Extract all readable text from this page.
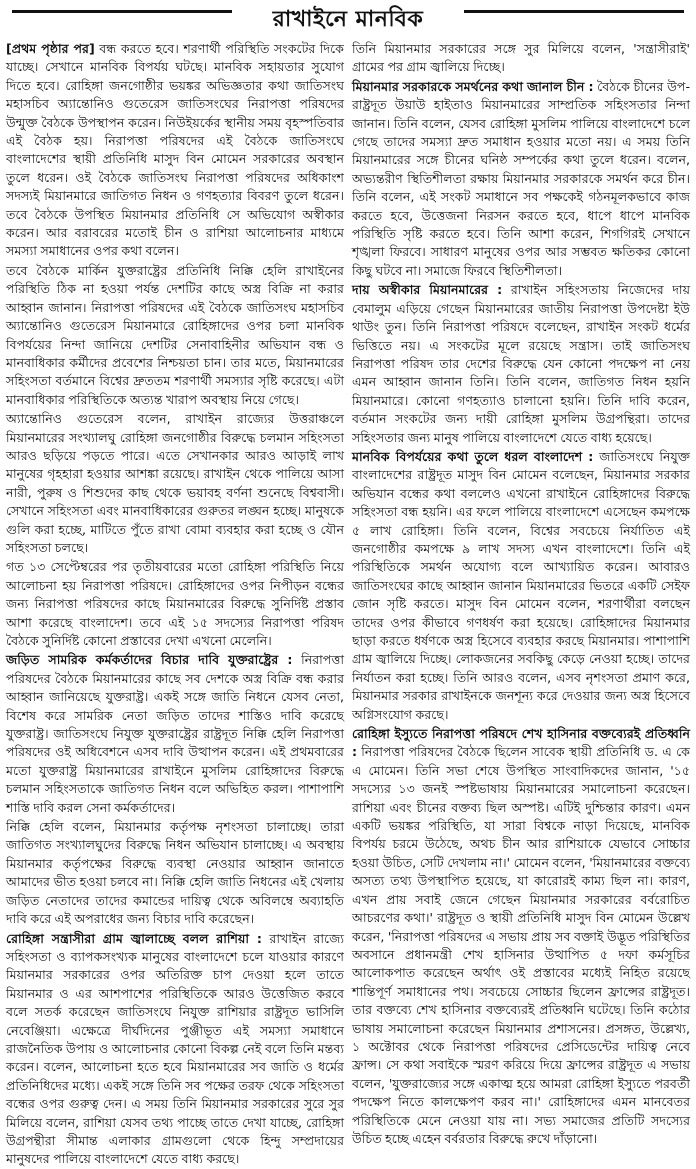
রাখাইনে মানবিক

[প্রথম পৃষ্ঠার পর] বন্ধ করতে হবে। শরণার্থী পরিস্থিতি সংকটের দিকে যাচ্ছে। সেখানে মানবিক বিপর্যয় ঘটছে। মানবিক সহায়তার সুযোগ দিতে হবে। রোহিঙ্গা জনগোষ্ঠীর ভয়ঙ্কর অভিজ্ঞতার কথা জাতিসংঘ মহাসচিব অ্যান্তোনিও গুতেরেস জাতিসংঘের নিরাপত্তা পরিষদের উন্মুক্ত বৈঠকে উপস্থাপন করেন। নিউইয়র্কের স্থানীয় সময় বৃহস্পতিবার এই বৈঠক হয়। নিরাপত্তা পরিষদের এই বৈঠকে জাতিসংঘে বাংলাদেশের স্থায়ী প্রতিনিধি মাসুদ বিন মোমেন সরকারের অবস্থান তুলে ধরেন। ওই বৈঠকে জাতিসংঘ নিরাপত্তা পরিষদের অধিকাংশ সদস্যই মিয়ানমারে জাতিগত নিধন ও গণহত্যার বিবরণ তুলে ধরেন। তবে বৈঠকে উপস্থিত মিয়ানমার প্রতিনিধি সে অভিযোগ অস্বীকার করেন। আর বরাবরের মতোই চীন ও রাশিয়া আলোচনার মাধ্যমে সমস্যা সমাধানের ওপর কথা বলেন।

তবে বৈঠকে মার্কিন যুক্তরাষ্ট্রের প্রতিনিধি নিক্কি হেলি রাখাইনের পরিস্থিতি ঠিক না হওয়া পর্যন্ত দেশটির কাছে অস্ত্র বিক্রি না করার আহ্বান জানান। নিরাপত্তা পরিষদের এই বৈঠকে জাতিসংঘ মহাসচিব অ্যান্তোনিও গুতেরেস মিয়ানমারে রোহিঙ্গাদের ওপর চলা মানবিক বিপর্যয়ের নিন্দা জানিয়ে দেশটির সেনাবাহিনীর অভিযান বন্ধ ও মানবাধিকার কর্মীদের প্রবেশের নিশ্চয়তা চান। তার মতে, মিয়ানমারের সহিংসতা বর্তমানে বিশ্বের দ্রুততম শরণার্থী সমস্যার সৃষ্টি করেছে। এটা মানবাধিকার পরিস্থিতিকে অত্যন্ত খারাপ অবস্থায় নিয়ে গেছে।

অ্যান্তোনিও গুতেরেস বলেন, রাখাইন রাজ্যের উত্তরাঞ্চলে মিয়ানমারের সংখ্যালঘু রোহিঙ্গা জনগোষ্ঠীর বিরুদ্ধে চলমান সহিংসতা আরও ছড়িয়ে পড়তে পারে। এতে সেখানকার আরও আড়াই লাখ মানুষের গৃহহারা হওয়ার আশঙ্কা রয়েছে। রাখাইন থেকে পালিয়ে আসা নারী, পুরুষ ও শিশুদের কাছ থেকে ভয়াবহ বর্ণনা শুনেছে বিশ্ববাসী। সেখানে সহিংসতা এবং মানবাধিকারের গুরুতর লঙ্ঘন হচ্ছে। মানুষকে গুলি করা হচ্ছে, মাটিতে পুঁতে রাখা বোমা ব্যবহার করা হচ্ছে ও যৌন সহিংসতা চলছে।

গত ১৩ সেপ্টেম্বরের পর তৃতীয়বারের মতো রোহিঙ্গা পরিস্থিতি নিয়ে আলোচনা হয় নিরাপত্তা পরিষদে। রোহিঙ্গাদের ওপর নিপীড়ন বন্ধের জন্য নিরাপত্তা পরিষদের কাছে মিয়ানমারের বিরুদ্ধে সুনির্দিষ্ট প্রস্তাব আশা করেছে বাংলাদেশ। তবে এই ১৫ সদস্যের নিরাপত্তা পরিষদ বৈঠকে সুনির্দিষ্ট কোনো প্রস্তাবের দেখা এখনো মেলেনি।

জড়িত সামরিক কর্মকর্তাদের বিচার দাবি যুক্তরাষ্ট্রের : নিরাপত্তা পরিষদের বৈঠকে মিয়ানমারের কাছে সব দেশকে অস্ত্র বিক্রি বন্ধ করার আহ্বান জানিয়েছে যুক্তরাষ্ট্র। একই সঙ্গে জাতি নিধনে যেসব নেতা, বিশেষ করে সামরিক নেতা জড়িত তাদের শাস্তিও দাবি করেছে যুক্তরাষ্ট্র। জাতিসংঘে নিযুক্ত যুক্তরাষ্ট্রের রাষ্ট্রদূত নিক্কি হেলি নিরাপত্তা পরিষদের ওই অধিবেশনে এসব দাবি উত্থাপন করেন। এই প্রথমবারের মতো যুক্তরাষ্ট্র মিয়ানমারের রাখাইনে মুসলিম রোহিঙ্গাদের বিরুদ্ধে চলমান সহিংসতাকে জাতিগত নিধন বলে অভিহিত করল। পাশাপাশি শাস্তি দাবি করল সেনা কর্মকর্তাদের।

নিক্কি হেলি বলেন, মিয়ানমার কর্তৃপক্ষ নৃশংসতা চালাচ্ছে। তারা জাতিগত সংখ্যালঘুদের বিরুদ্ধে নিধন অভিযান চালাচ্ছে। এ অবস্থায় মিয়ানমার কর্তৃপক্ষের বিরুদ্ধে ব্যবস্থা নেওয়ার আহ্বান জানাতে আমাদের ভীত হওয়া চলবে না। নিক্কি হেলি জাতি নিধনের এই খেলায় জড়িত নেতাদের তাদের কমান্ডের দায়িত্ব থেকে অবিলম্বে অব্যাহতি দাবি করে এই অপরাধের জন্য বিচার দাবি করেছেন।

রোহিঙ্গা সন্ত্রাসীরা গ্রাম জ্বালাচ্ছে বলল রাশিয়া : রাখাইন রাজ্যে সহিংসতা ও ব্যাপকসংখ্যক মানুষের বাংলাদেশে চলে যাওয়ার কারণে মিয়ানমার সরকারের ওপর অতিরিক্ত চাপ দেওয়া হলে তাতে মিয়ানমার ও এর আশপাশের পরিস্থিতিকে আরও উত্তেজিত করবে বলে সতর্ক করেছেন জাতিসংঘে নিযুক্ত রাশিয়ার রাষ্ট্রদূত ভাসিলি নেবেঞ্জিয়া। এক্ষেত্রে দীর্ঘদিনের পুঞ্জীভূত এই সমস্যা সমাধানে রাজনৈতিক উপায় ও আলোচনার কোনো বিকল্প নেই বলে তিনি মন্তব্য করেন। বলেন, আলোচনা হতে হবে মিয়ানমারের সব জাতি ও ধর্মের প্রতিনিধিদের মধ্যে। একই সঙ্গে তিনি সব পক্ষের তরফ থেকে সহিংসতা বন্ধের ওপর গুরুত্ব দেন। এ সময় তিনি মিয়ানমার সরকারের সুরে সুর মিলিয়ে বলেন, রাশিয়া যেসব তথ্য পাচ্ছে তাতে দেখা যাচ্ছে, রোহিঙ্গা উগ্রপন্থীরা সীমান্ত এলাকার গ্রামগুলো থেকে হিন্দু সম্প্রদায়ের মানুষদের পালিয়ে বাংলাদেশে যেতে বাধ্য করছে।

তিনি মিয়ানমার সরকারের সঙ্গে সুর মিলিয়ে বলেন, 'সন্ত্রাসীরাই' গ্রামের পর গ্রাম জ্বালিয়ে দিচ্ছে।

মিয়ানমার সরকারকে সমর্থনের কথা জানাল চীন : বৈঠকে চীনের উপ-রাষ্ট্রদূত উয়াউ হাইতাও মিয়ানমারের সাম্প্রতিক সহিংসতার নিন্দা জানান। তিনি বলেন, যেসব রোহিঙ্গা মুসলিম পালিয়ে বাংলাদেশে চলে গেছে তাদের সমস্যা দ্রুত সমাধান হওয়ার মতো নয়। এ সময় তিনি মিয়ানমারের সঙ্গে চীনের ঘনিষ্ঠ সম্পর্কের কথা তুলে ধরেন। বলেন, অভ্যন্তরীণ স্থিতিশীলতা রক্ষায় মিয়ানমার সরকারকে সমর্থন করে চীন। তিনি বলেন, এই সংকট সমাধানে সব পক্ষকেই গঠনমূলকভাবে কাজ করতে হবে, উত্তেজনা নিরসন করতে হবে, ধাপে ধাপে মানবিক পরিস্থিতি সৃষ্টি করতে হবে। তিনি আশা করেন, শিগগিরই সেখানে শৃঙ্খলা ফিরবে। সাধারণ মানুষের ওপর আর সম্ভবত ক্ষতিকর কোনো কিছু ঘটবে না। সমাজে ফিরবে স্থিতিশীলতা।

দায় অস্বীকার মিয়ানমারের : রাখাইন সহিংসতায় নিজেদের দায় বেমালুম এড়িয়ে গেছেন মিয়ানমারের জাতীয় নিরাপত্তা উপদেষ্টা ইউ থাউং তুন। তিনি নিরাপত্তা পরিষদে বলেছেন, রাখাইন সংকট ধর্মের ভিত্তিতে নয়। এ সংকটের মূলে রয়েছে সন্ত্রাস। তাই জাতিসংঘ নিরাপত্তা পরিষদ তার দেশের বিরুদ্ধে যেন কোনো পদক্ষেপ না নেয় এমন আহ্বান জানান তিনি। তিনি বলেন, জাতিগত নিধন হয়নি মিয়ানমারে। কোনো গণহত্যাও চালানো হয়নি। তিনি দাবি করেন, বর্তমান সংকটের জন্য দায়ী রোহিঙ্গা মুসলিম উগ্রপন্থিরা। তাদের সহিংসতার জন্য মানুষ পালিয়ে বাংলাদেশে যেতে বাধ্য হয়েছে।

মানবিক বিপর্যয়ের কথা তুলে ধরল বাংলাদেশ : জাতিসংঘে নিযুক্ত বাংলাদেশের রাষ্ট্রদূত মাসুদ বিন মোমেন বলেছেন, মিয়ানমার সরকার অভিযান বন্ধের কথা বললেও এখনো রাখাইনে রোহিঙ্গাদের বিরুদ্ধে সহিংসতা বন্ধ হয়নি। এর ফলে পালিয়ে বাংলাদেশে এসেছেন কমপক্ষে ৫ লাখ রোহিঙ্গা। তিনি বলেন, বিশ্বের সবচেয়ে নির্যাতিত এই জনগোষ্ঠীর কমপক্ষে ৯ লাখ সদস্য এখন বাংলাদেশে। তিনি এই পরিস্থিতিকে সমর্থন অযোগ্য বলে আখ্যায়িত করেন। আবারও জাতিসংঘের কাছে আহ্বান জানান মিয়ানমারের ভিতরে একটি সেইফ জোন সৃষ্টি করতে। মাসুদ বিন মোমেন বলেন, শরণার্থীরা বলছেন তাদের ওপর কীভাবে গণধর্ষণ করা হয়েছে। রোহিঙ্গাদের মিয়ানমার ছাড়া করতে ধর্ষণকে অস্ত্র হিসেবে ব্যবহার করছে মিয়ানমার। পাশাপাশি গ্রাম জ্বালিয়ে দিচ্ছে। লোকজনের সবকিছু কেড়ে নেওয়া হচ্ছে। তাদের নির্যাতন করা হচ্ছে। তিনি আরও বলেন, এসব নৃশংসতা প্রমাণ করে, মিয়ানমার সরকার রাখাইনকে জনশূন্য করে দেওয়ার জন্য অস্ত্র হিসেবে অগ্নিসংযোগ করছে।

রোহিঙ্গা ইস্যুতে নিরাপত্তা পরিষদে শেখ হাসিনার বক্তব্যেরই প্রতিধ্বনি : নিরাপত্তা পরিষদের বৈঠকে ছিলেন সাবেক স্থায়ী প্রতিনিধি ড. এ কে এ মোমেন। তিনি সভা শেষে উপস্থিত সাংবাদিকদের জানান, '১৫ সদস্যের ১৩ জনই স্পষ্টভাষায় মিয়ানমারের সমালোচনা করেছেন। রাশিয়া এবং চীনের বক্তব্য ছিল অস্পষ্ট। এটিই দুশ্চিন্তার কারণ। এমন একটি ভয়ঙ্কর পরিস্থিতি, যা সারা বিশ্বকে নাড়া দিয়েছে, মানবিক বিপর্যয় চরমে উঠেছে, অথচ চীন আর রাশিয়াকে যেভাবে সোচ্চার হওয়া উচিত, সেটি দেখলাম না।' মোমেন বলেন, 'মিয়ানমারের বক্তব্যে অসত্য তথ্য উপস্থাপিত হয়েছে, যা কারোরই কাম্য ছিল না। কারণ, এখন প্রায় সবাই জেনে গেছেন মিয়ানমার সরকারের বর্বরোচিত আচরণের কথা।' রাষ্ট্রদূত ও স্থায়ী প্রতিনিধি মাসুদ বিন মোমেন উল্লেখ করেন, 'নিরাপত্তা পরিষদের এ সভায় প্রায় সব বক্তাই উদ্ভূত পরিস্থিতির অবসানে প্রধানমন্ত্রী শেখ হাসিনার উত্থাপিত ৫ দফা কর্মসূচির আলোকপাত করেছেন অর্থাৎ ওই প্রস্তাবের মধ্যেই নিহিত রয়েছে শান্তিপূর্ণ সমাধানের পথ। সবচেয়ে সোচ্চার ছিলেন ফ্রান্সের রাষ্ট্রদূত। তার বক্তব্যে শেখ হাসিনার বক্তব্যেরই প্রতিধ্বনি ঘটেছে। তিনি কঠোর ভাষায় সমালোচনা করেছেন মিয়ানমার প্রশাসনের। প্রসঙ্গত, উল্লেখ্য, ১ অক্টোবর থেকে নিরাপত্তা পরিষদের প্রেসিডেন্টের দায়িত্ব নেবে ফ্রান্স। সে কথা সবাইকে স্মরণ করিয়ে দিয়ে ফ্রান্সের রাষ্ট্রদূত এ সভায় বলেন, 'যুক্তরাজ্যের সঙ্গে একাত্ম হয়ে আমরা রোহিঙ্গা ইস্যুতে পরবর্তী পদক্ষেপ নিতে কালক্ষেপণ করব না।' রোহিঙ্গাদের এমন মানবেতর পরিস্থিতিকে মেনে নেওয়া যায় না। সভ্য সমাজের প্রতিটি সদস্যের উচিত হচ্ছে এহেন বর্বরতার বিরুদ্ধে রুখে দাঁড়ানো।
